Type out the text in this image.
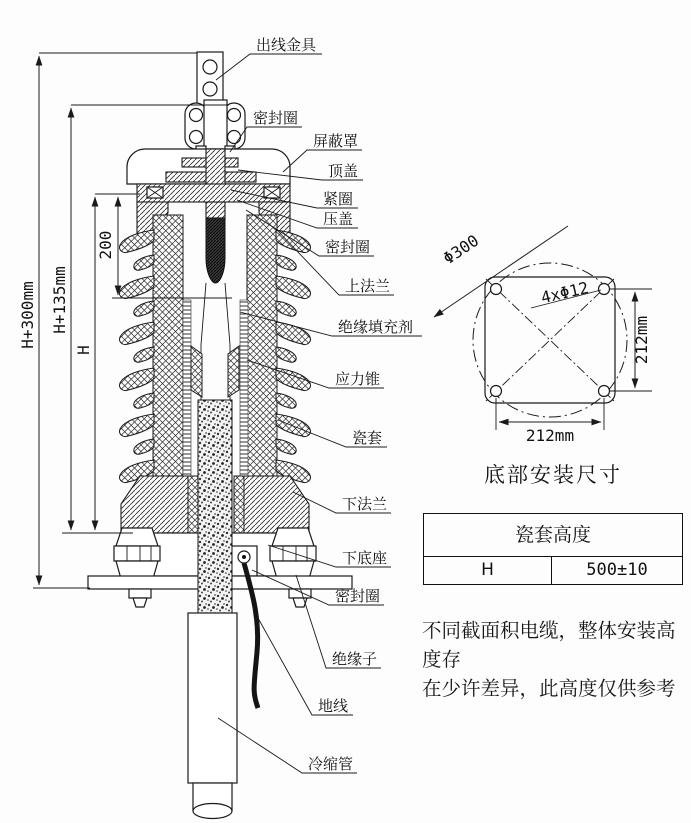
H+300mm H+135mm
H
200
出线金具
密封圈
屏蔽罩
顶盖
紧圈
压盖
密封圈
上法兰
绝缘填充剂
应力锥
瓷套
下法兰
下底座
密封圈
绝缘子
地线
冷缩管
Φ300
4xΦ12
212mm
212mm
底部安装尺寸
瓷套高度
H	500±10
不同截面积电缆，整体安装高度存
在少许差异，此高度仅供参考
